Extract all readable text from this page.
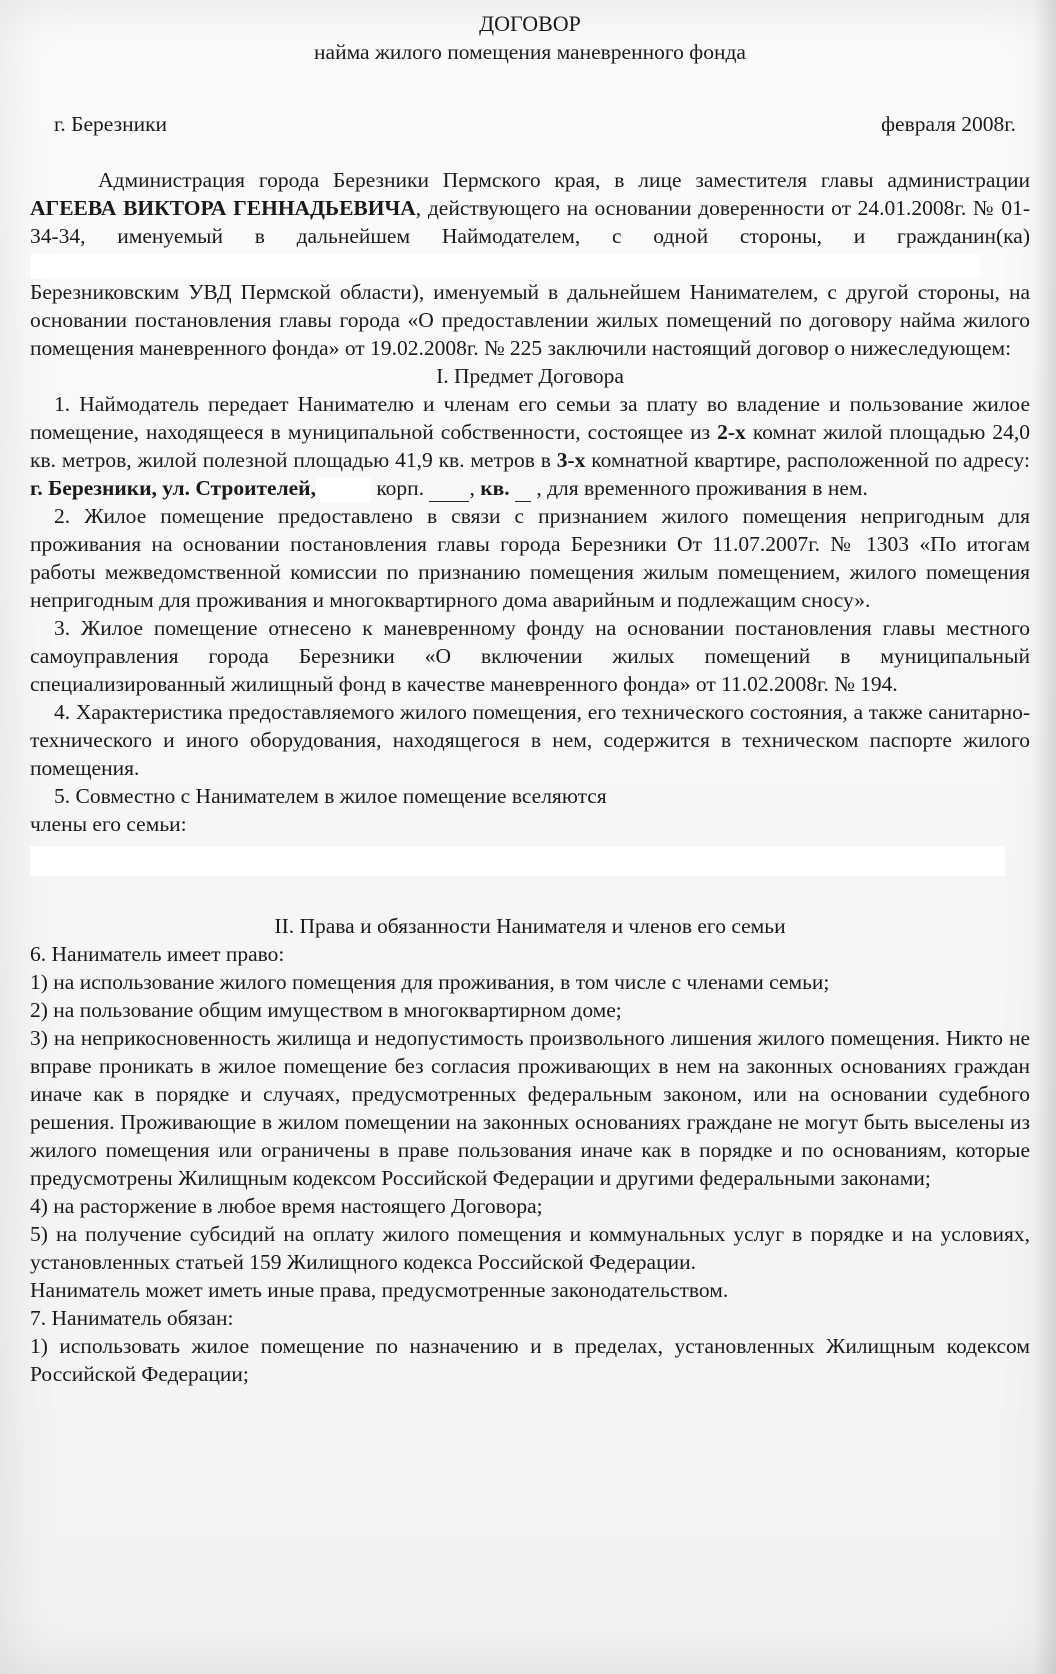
ДОГОВОР
найма жилого помещения маневренного фонда
г. Березники	февраля 2008г.

Администрация города Березники Пермского края, в лице заместителя главы администрации АГЕЕВА ВИКТОРА ГЕННАДЬЕВИЧА, действующего на основании доверенности от 24.01.2008г. № 01-34-34, именуемый в дальнейшем Наймодателем, с одной стороны, и гражданин(ка)  Березниковским УВД Пермской области), именуемый в дальнейшем Нанимателем, с другой стороны, на основании постановления главы города «О предоставлении жилых помещений по договору найма жилого помещения маневренного фонда» от 19.02.2008г. № 225 заключили настоящий договор о нижеследующем:

I. Предмет Договора

1. Наймодатель передает Нанимателю и членам его семьи за плату во владение и пользование жилое помещение, находящееся в муниципальной собственности, состоящее из 2-х комнат жилой площадью 24,0 кв. метров, жилой полезной площадью 41,9 кв. метров в 3-х комнатной квартире, расположенной по адресу: г. Березники, ул. Строителей,	корп. , кв.  , для временного проживания в нем.

2. Жилое помещение предоставлено в связи с признанием жилого помещения непригодным для проживания на основании постановления главы города Березники От 11.07.2007г. № 1303 «По итогам работы межведомственной комиссии по признанию помещения жилым помещением, жилого помещения непригодным для проживания и многоквартирного дома аварийным и подлежащим сносу».

3. Жилое помещение отнесено к маневренному фонду на основании постановления главы местного самоуправления города Березники «О включении жилых помещений в муниципальный специализированный жилищный фонд в качестве маневренного фонда» от 11.02.2008г. № 194.

4. Характеристика предоставляемого жилого помещения, его технического состояния, а также санитарно-технического и иного оборудования, находящегося в нем, содержится в техническом паспорте жилого помещения.

5. Совместно с Нанимателем в жилое помещение вселяются

члены его семьи:

II. Права и обязанности Нанимателя и членов его семьи

6. Наниматель имеет право:

1) на использование жилого помещения для проживания, в том числе с членами семьи;

2) на пользование общим имуществом в многоквартирном доме;

3) на неприкосновенность жилища и недопустимость произвольного лишения жилого помещения. Никто не вправе проникать в жилое помещение без согласия проживающих в нем на законных основаниях граждан иначе как в порядке и случаях, предусмотренных федеральным законом, или на основании судебного решения. Проживающие в жилом помещении на законных основаниях граждане не могут быть выселены из жилого помещения или ограничены в праве пользования иначе как в порядке и по основаниям, которые предусмотрены Жилищным кодексом Российской Федерации и другими федеральными законами;

4) на расторжение в любое время настоящего Договора;

5) на получение субсидий на оплату жилого помещения и коммунальных услуг в порядке и на условиях, установленных статьей 159 Жилищного кодекса Российской Федерации.

Наниматель может иметь иные права, предусмотренные законодательством.

7. Наниматель обязан:

1) использовать жилое помещение по назначению и в пределах, установленных Жилищным кодексом Российской Федерации;
